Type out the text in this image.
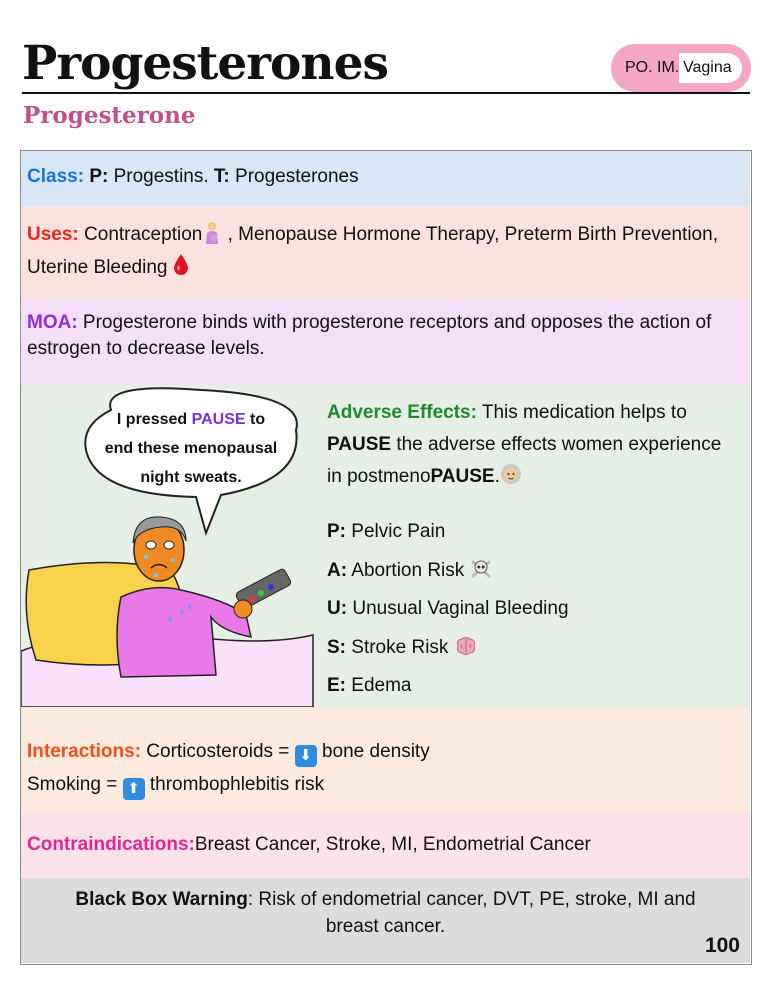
Progesterones	PO. IM. Vagina
Progesterone
Class: P: Progestins. T: Progesterones
Uses: Contraception , Menopause Hormone Therapy, Preterm Birth Prevention, Uterine Bleeding
MOA: Progesterone binds with progesterone receptors and opposes the action of estrogen to decrease levels.
I pressed PAUSE to
end these menopausal
night sweats.
Adverse Effects: This medication helps to PAUSE the adverse effects women experience in postmenoPAUSE.
P: Pelvic Pain
A: Abortion Risk
U: Unusual Vaginal Bleeding
S: Stroke Risk
E: Edema
Interactions: Corticosteroids = ⬇ bone density
Smoking = ⬆ thrombophlebitis risk
Contraindications:Breast Cancer, Stroke, MI, Endometrial Cancer
Black Box Warning: Risk of endometrial cancer, DVT, PE, stroke, MI and breast cancer.
100
